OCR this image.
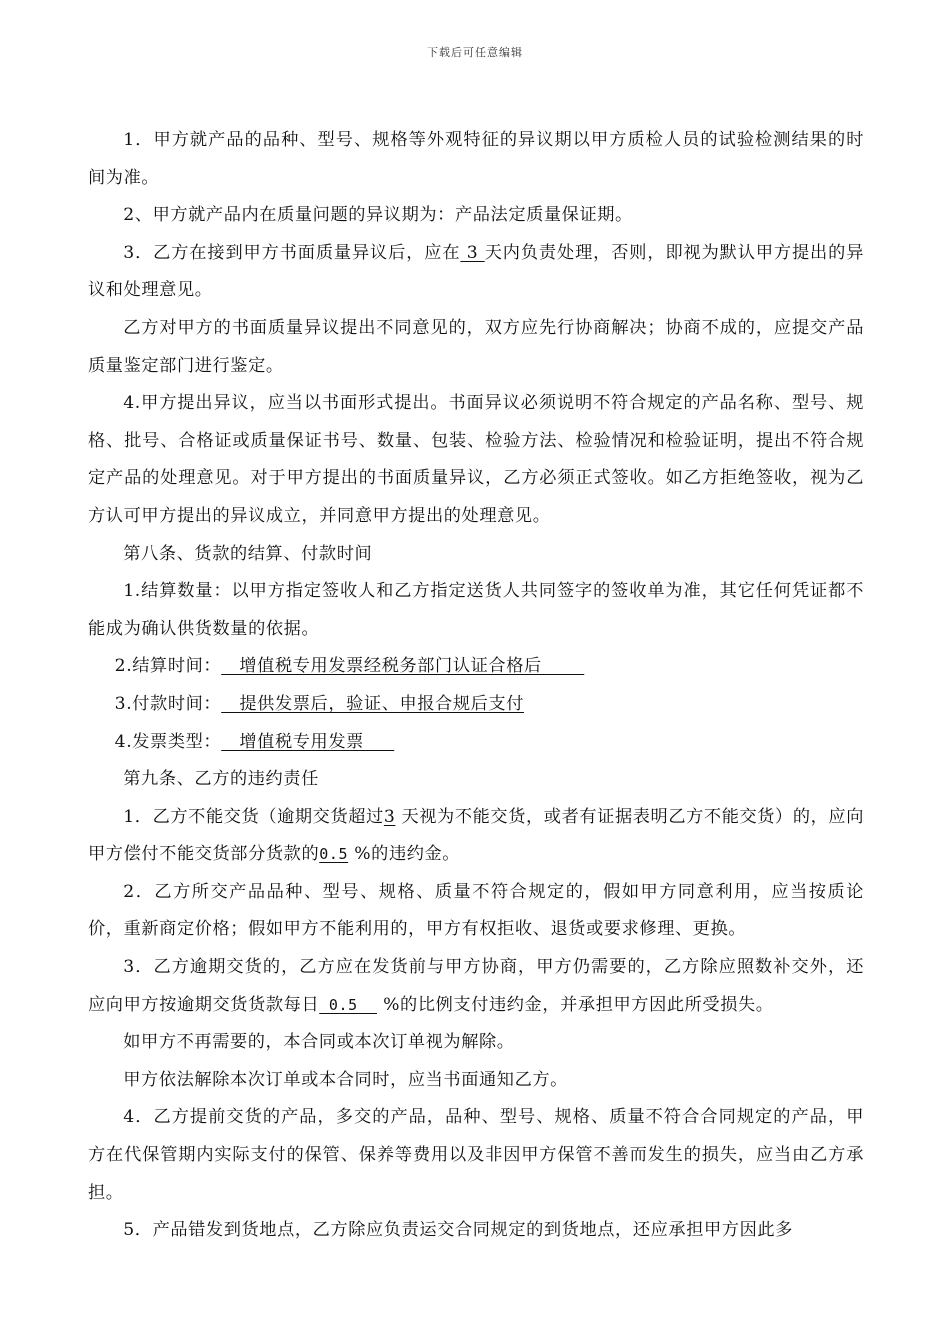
下载后可任意编辑

1．甲方就产品的品种、型号、规格等外观特征的异议期以甲方质检人员的试验检测结果的时间为准。

2、甲方就产品内在质量问题的异议期为：产品法定质量保证期。

3．乙方在接到甲方书面质量异议后，应在 3 天内负责处理，否则，即视为默认甲方提出的异议和处理意见。

乙方对甲方的书面质量异议提出不同意见的，双方应先行协商解决；协商不成的，应提交产品质量鉴定部门进行鉴定。

4.甲方提出异议，应当以书面形式提出。书面异议必须说明不符合规定的产品名称、型号、规格、批号、合格证或质量保证书号、数量、包装、检验方法、检验情况和检验证明，提出不符合规定产品的处理意见。对于甲方提出的书面质量异议，乙方必须正式签收。如乙方拒绝签收，视为乙方认可甲方提出的异议成立，并同意甲方提出的处理意见。

第八条、货款的结算、付款时间

1.结算数量：以甲方指定签收人和乙方指定送货人共同签字的签收单为准，其它任何凭证都不能成为确认供货数量的依据。

2.结算时间：   增值税专用发票经税务部门认证合格后

3.付款时间：   提供发票后，验证、申报合规后支付

4.发票类型：   增值税专用发票

第九条、乙方的违约责任

1．乙方不能交货（逾期交货超过3 天视为不能交货，或者有证据表明乙方不能交货）的，应向甲方偿付不能交货部分货款的0.5 %的违约金。

2．乙方所交产品品种、型号、规格、质量不符合规定的，假如甲方同意利用，应当按质论价，重新商定价格；假如甲方不能利用的，甲方有权拒收、退货或要求修理、更换。

3．乙方逾期交货的，乙方应在发货前与甲方协商，甲方仍需要的，乙方除应照数补交外，还应向甲方按逾期交货货款每日 0.5   %的比例支付违约金，并承担甲方因此所受损失。

如甲方不再需要的，本合同或本次订单视为解除。

甲方依法解除本次订单或本合同时，应当书面通知乙方。

4．乙方提前交货的产品，多交的产品，品种、型号、规格、质量不符合合同规定的产品，甲方在代保管期内实际支付的保管、保养等费用以及非因甲方保管不善而发生的损失，应当由乙方承担。

5．产品错发到货地点，乙方除应负责运交合同规定的到货地点，还应承担甲方因此多
